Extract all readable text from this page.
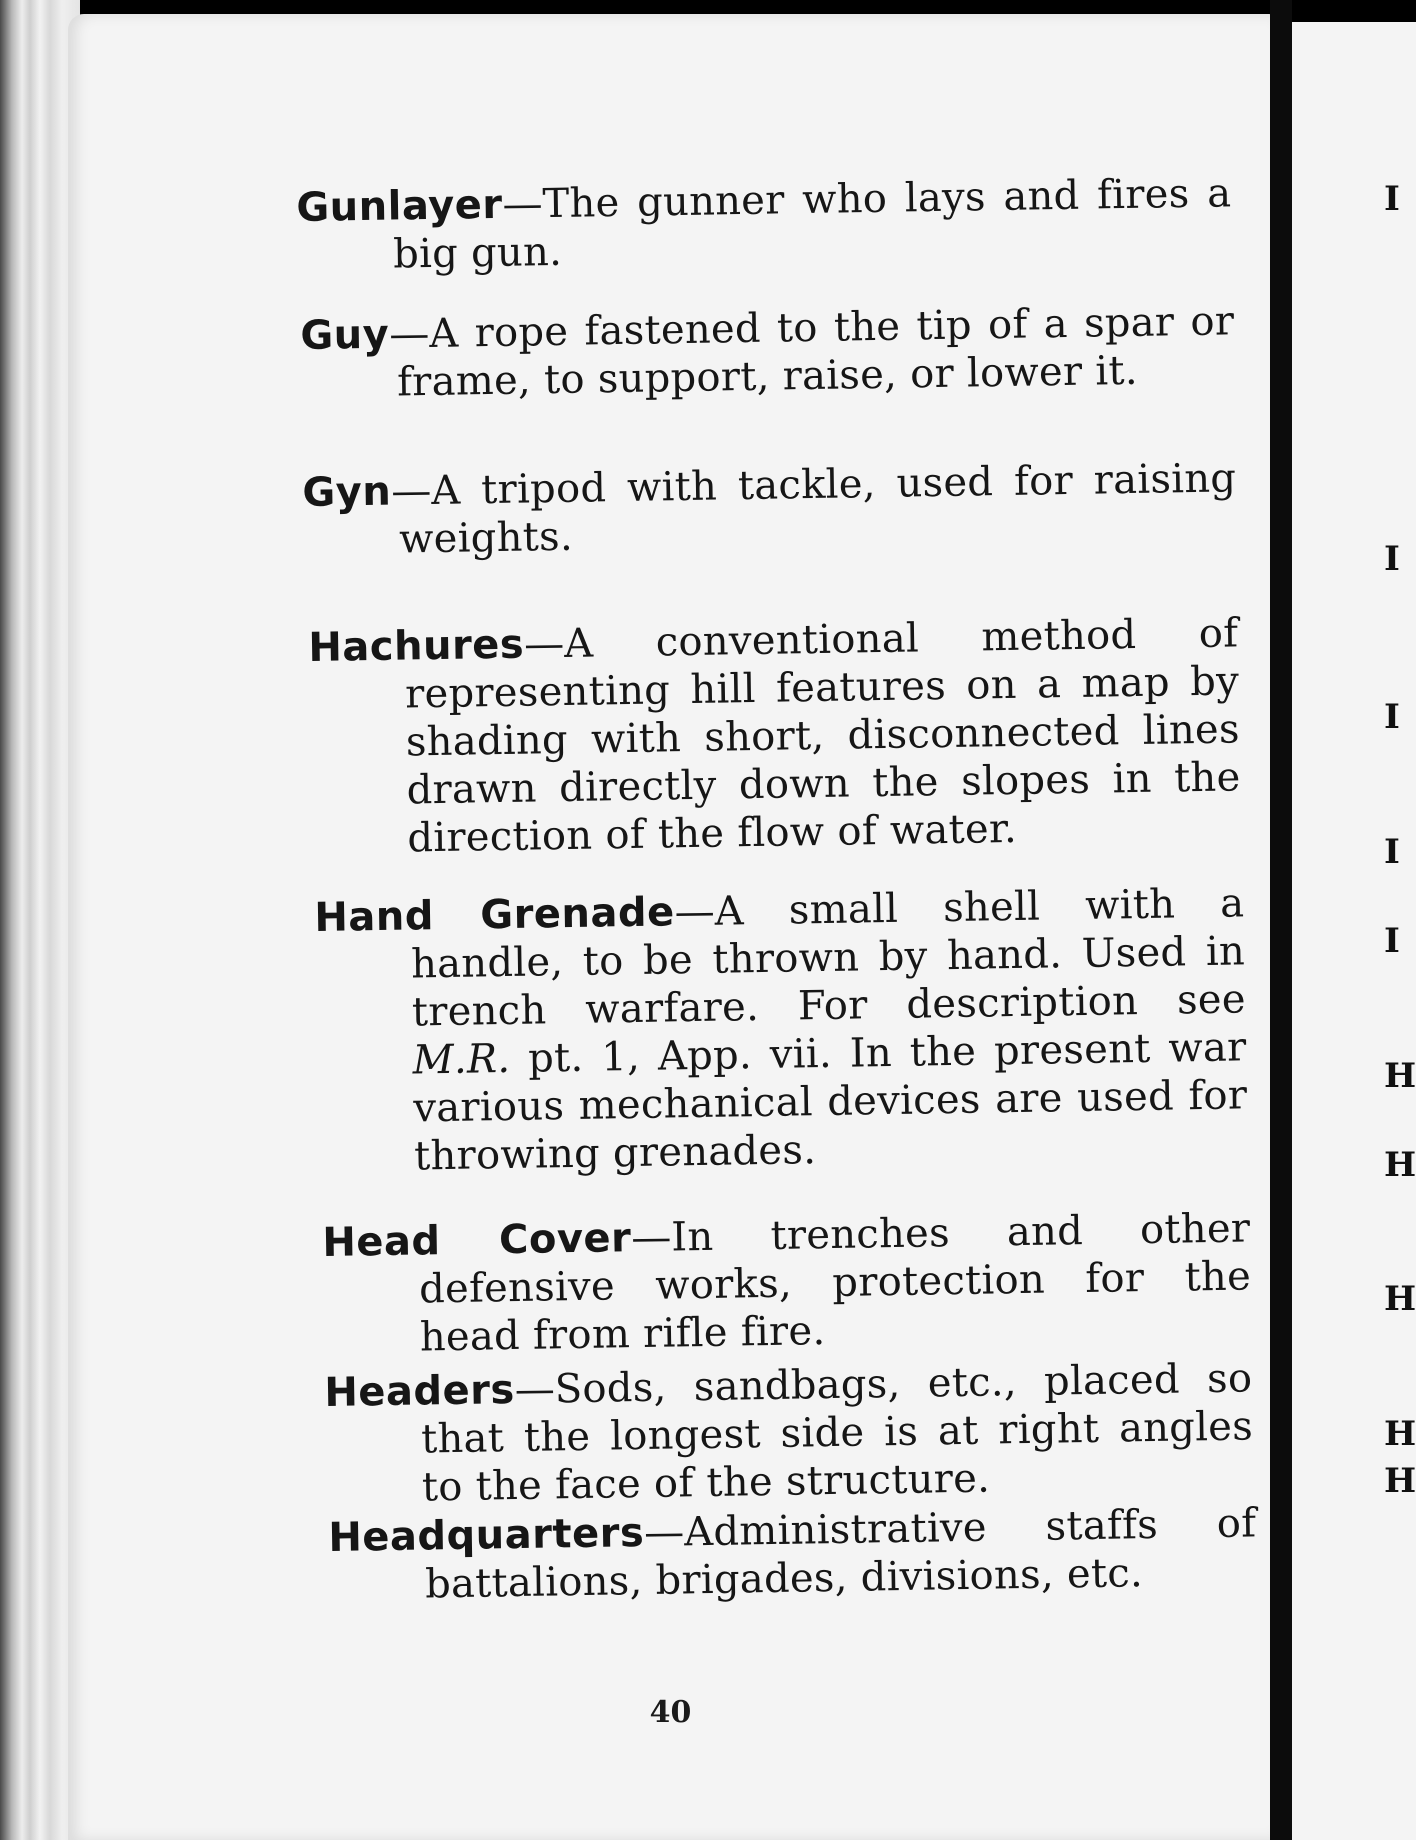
Gunlayer—The gunner who lays and fires a big gun.
Guy—A rope fastened to the tip of a spar or frame, to support, raise, or lower it.
Gyn—A tripod with tackle, used for raising weights.
Hachures—A conventional method of representing hill features on a map by shading with short, disconnected lines drawn directly down the slopes in the direction of the flow of water.
Hand Grenade—A small shell with a handle, to be thrown by hand. Used in trench warfare. For description see M.R. pt. 1, App. vii. In the present war various mechanical devices are used for throwing grenades.
Head Cover—In trenches and other defensive works, protection for the head from rifle fire.
Headers—Sods, sandbags, etc., placed so that the longest side is at right angles to the face of the structure.
Headquarters—Administrative staffs of battalions, brigades, divisions, etc.
40
I
I
I
I
I
H
H
H
H
H
